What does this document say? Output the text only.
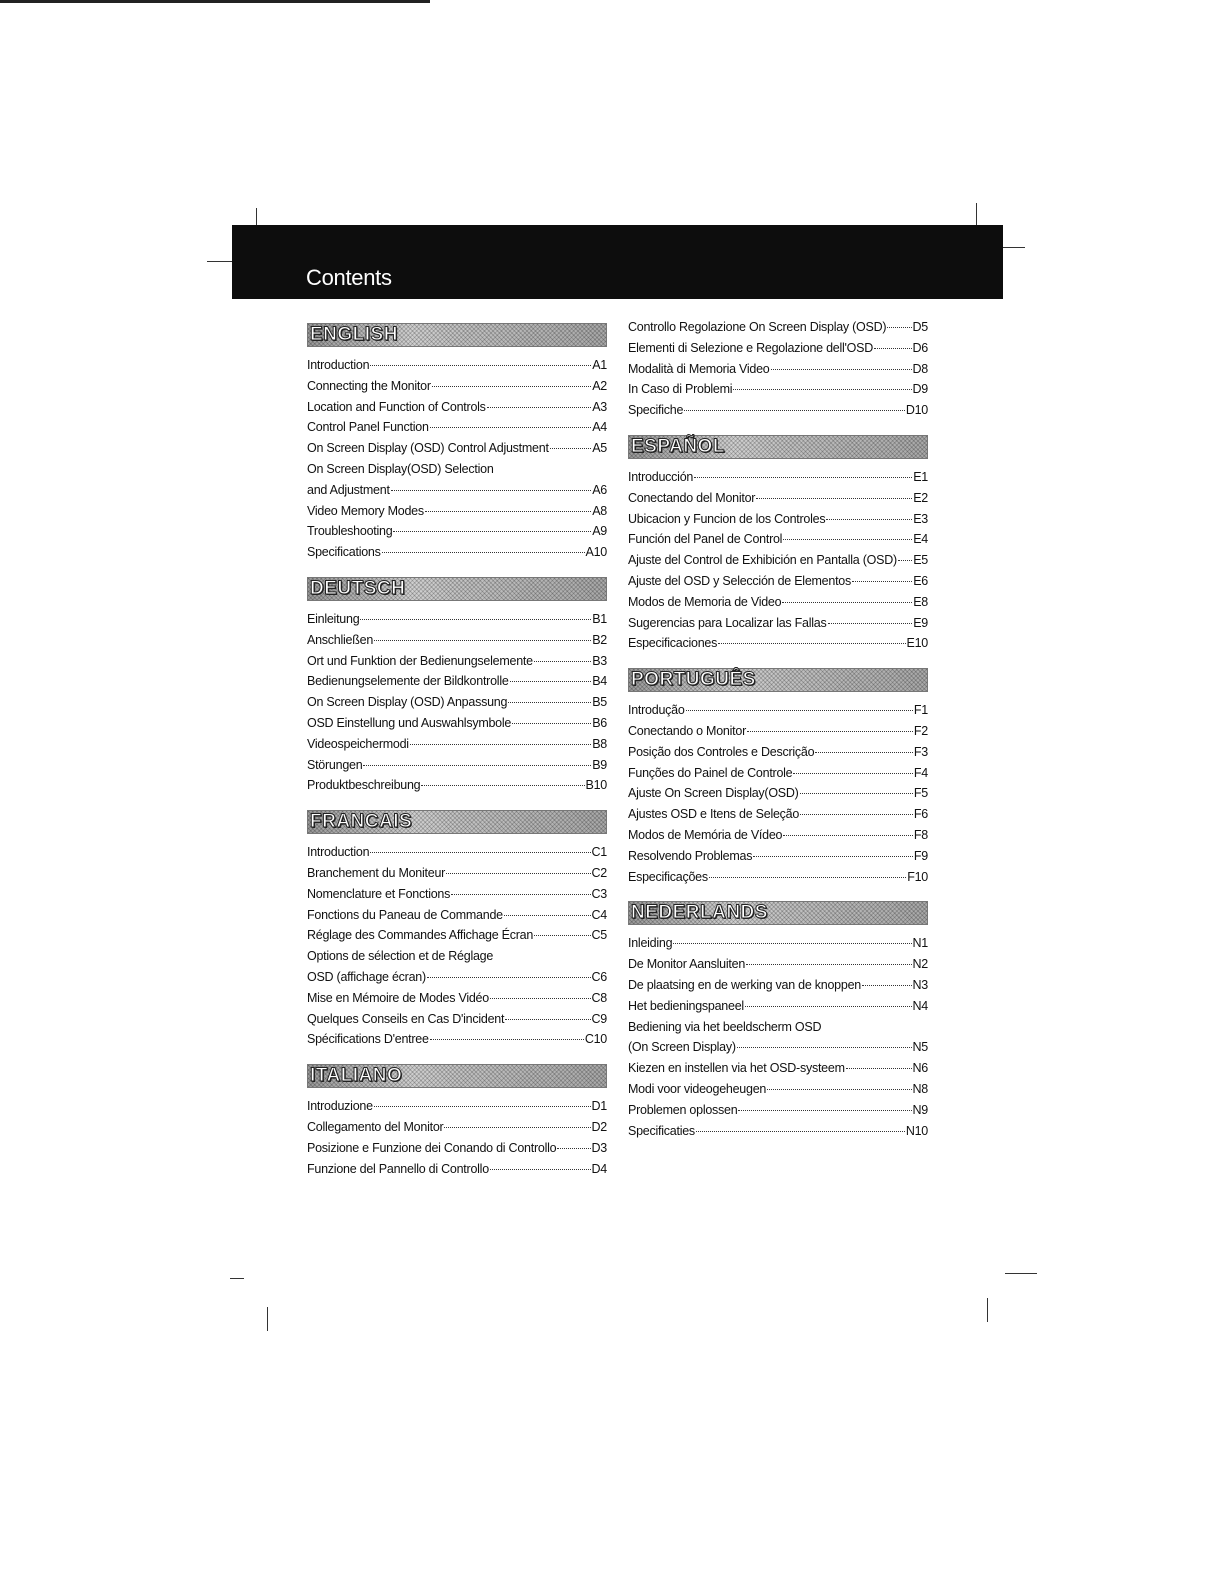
Contents
ENGLISH
Introduction	A1
Connecting the Monitor	A2
Location and Function of Controls	A3
Control Panel Function	A4
On Screen Display (OSD) Control Adjustment	A5
On Screen Display(OSD) Selection
and Adjustment	A6
Video Memory Modes	A8
Troubleshooting	A9
Specifications	A10
DEUTSCH
Einleitung	B1
Anschließen	B2
Ort und Funktion der Bedienungselemente	B3
Bedienungselemente der Bildkontrolle	B4
On Screen Display (OSD) Anpassung	B5
OSD Einstellung und Auswahlsymbole	B6
Videospeichermodi	B8
Störungen	B9
Produktbeschreibung	B10
FRANCAIS
Introduction	C1
Branchement du Moniteur	C2
Nomenclature et Fonctions	C3
Fonctions du Paneau de Commande	C4
Réglage des Commandes Affichage Écran	C5
Options de sélection et de Réglage
OSD (affichage écran)	C6
Mise en Mémoire de Modes Vidéo	C8
Quelques Conseils en Cas D'incident	C9
Spécifications D'entree	C10
ITALIANO
Introduzione	D1
Collegamento del Monitor	D2
Posizione e Funzione dei Conando di Controllo	D3
Funzione del Pannello di Controllo	D4
Controllo Regolazione On Screen Display (OSD) D5
Elementi di Selezione e Regolazione dell'OSD	D6
Modalità di Memoria Video	D8
In Caso di Problemi	D9
Specifiche	D10
ESPAÑOL
Introducción	E1
Conectando del Monitor	E2
Ubicacion y Funcion de los Controles	E3
Función del Panel de Control	E4
Ajuste del Control de Exhibición en Pantalla (OSD) E5
Ajuste del OSD y Selección de Elementos	E6
Modos de Memoria de Video	E8
Sugerencias para Localizar las Fallas	E9
Especificaciones	E10
PORTUGUÊS
Introdução	F1
Conectando o Monitor	F2
Posição dos Controles e Descrição	F3
Funções do Painel de Controle	F4
Ajuste On Screen Display(OSD)	F5
Ajustes OSD e Itens de Seleção	F6
Modos de Memória de Vídeo	F8
Resolvendo Problemas	F9
Especificações	F10
NEDERLANDS
Inleiding	N1
De Monitor Aansluiten	N2
De plaatsing en de werking van de knoppen	N3
Het bedieningspaneel	N4
Bediening via het beeldscherm OSD
(On Screen Display)	N5
Kiezen en instellen via het OSD-systeem	N6
Modi voor videogeheugen	N8
Problemen oplossen	N9
Specificaties	N10
